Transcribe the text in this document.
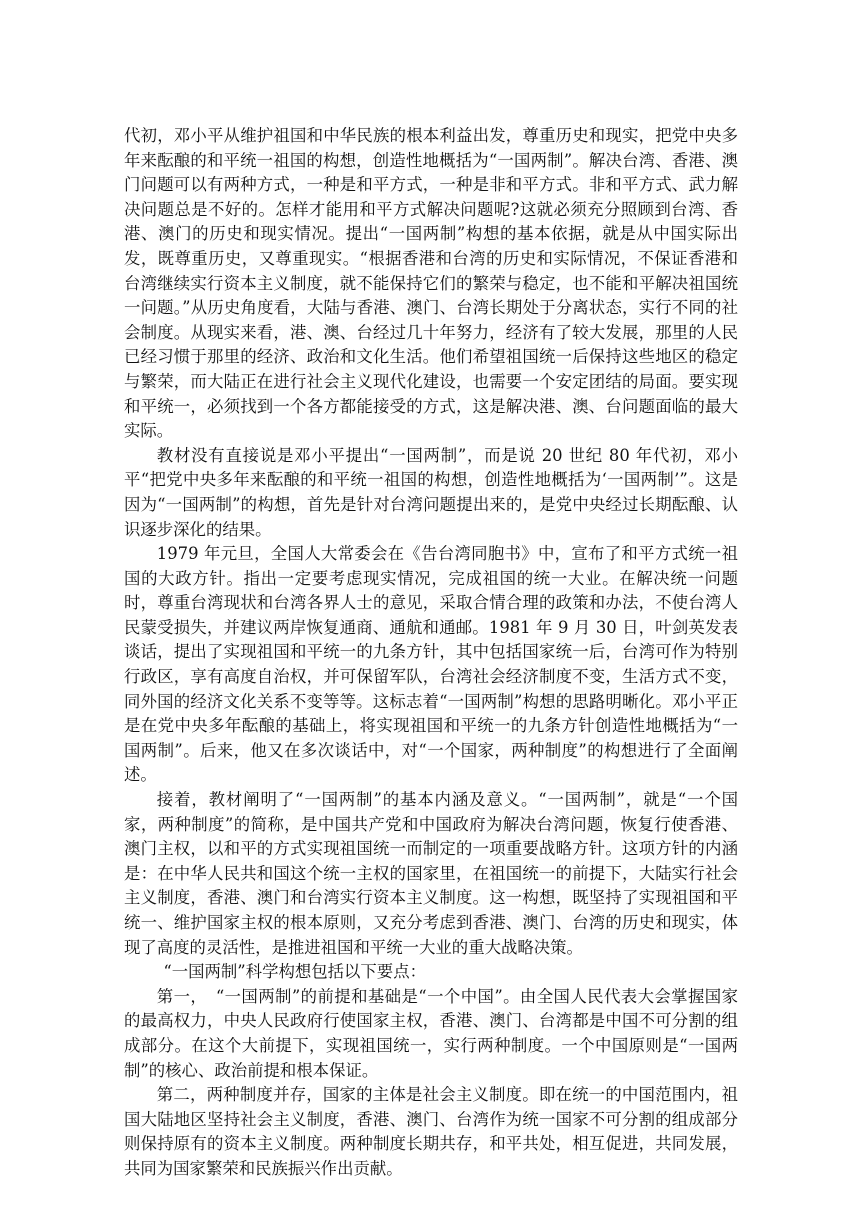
代初，邓小平从维护祖国和中华民族的根本利益出发，尊重历史和现实，把党中央多年来酝酿的和平统一祖国的构想，创造性地概括为“一国两制”。解决台湾、香港、澳门问题可以有两种方式，一种是和平方式，一种是非和平方式。非和平方式、武力解决问题总是不好的。怎样才能用和平方式解决问题呢?这就必须充分照顾到台湾、香港、澳门的历史和现实情况。提出“一国两制”构想的基本依据，就是从中国实际出发，既尊重历史，又尊重现实。“根据香港和台湾的历史和实际情况，不保证香港和台湾继续实行资本主义制度，就不能保持它们的繁荣与稳定，也不能和平解决祖国统一问题。”从历史角度看，大陆与香港、澳门、台湾长期处于分离状态，实行不同的社会制度。从现实来看，港、澳、台经过几十年努力，经济有了较大发展，那里的人民已经习惯于那里的经济、政治和文化生活。他们希望祖国统一后保持这些地区的稳定与繁荣，而大陆正在进行社会主义现代化建设，也需要一个安定团结的局面。要实现和平统一，必须找到一个各方都能接受的方式，这是解决港、澳、台问题面临的最大实际。

教材没有直接说是邓小平提出“一国两制”，而是说 20 世纪 80 年代初，邓小平“把党中央多年来酝酿的和平统一祖国的构想，创造性地概括为‘一国两制’”。这是因为“一国两制”的构想，首先是针对台湾问题提出来的，是党中央经过长期酝酿、认识逐步深化的结果。

1979 年元旦，全国人大常委会在《告台湾同胞书》中，宣布了和平方式统一祖国的大政方针。指出一定要考虑现实情况，完成祖国的统一大业。在解决统一问题时，尊重台湾现状和台湾各界人士的意见，采取合情合理的政策和办法，不使台湾人民蒙受损失，并建议两岸恢复通商、通航和通邮。1981 年 9 月 30 日，叶剑英发表谈话，提出了实现祖国和平统一的九条方针，其中包括国家统一后，台湾可作为特别行政区，享有高度自治权，并可保留军队，台湾社会经济制度不变，生活方式不变，同外国的经济文化关系不变等等。这标志着“一国两制”构想的思路明晰化。邓小平正是在党中央多年酝酿的基础上，将实现祖国和平统一的九条方针创造性地概括为“一国两制”。后来，他又在多次谈话中，对“一个国家，两种制度”的构想进行了全面阐述。

接着，教材阐明了“一国两制”的基本内涵及意义。“一国两制”，就是“一个国家，两种制度”的简称，是中国共产党和中国政府为解决台湾问题，恢复行使香港、澳门主权，以和平的方式实现祖国统一而制定的一项重要战略方针。这项方针的内涵是：在中华人民共和国这个统一主权的国家里，在祖国统一的前提下，大陆实行社会主义制度，香港、澳门和台湾实行资本主义制度。这一构想，既坚持了实现祖国和平统一、维护国家主权的根本原则，又充分考虑到香港、澳门、台湾的历史和现实，体现了高度的灵活性，是推进祖国和平统一大业的重大战略决策。

“一国两制”科学构想包括以下要点：

第一，　“一国两制”的前提和基础是“一个中国”。由全国人民代表大会掌握国家的最高权力，中央人民政府行使国家主权，香港、澳门、台湾都是中国不可分割的组成部分。在这个大前提下，实现祖国统一，实行两种制度。一个中国原则是“一国两制”的核心、政治前提和根本保证。

第二，两种制度并存，国家的主体是社会主义制度。即在统一的中国范围内，祖国大陆地区坚持社会主义制度，香港、澳门、台湾作为统一国家不可分割的组成部分则保持原有的资本主义制度。两种制度长期共存，和平共处，相互促进，共同发展，共同为国家繁荣和民族振兴作出贡献。
